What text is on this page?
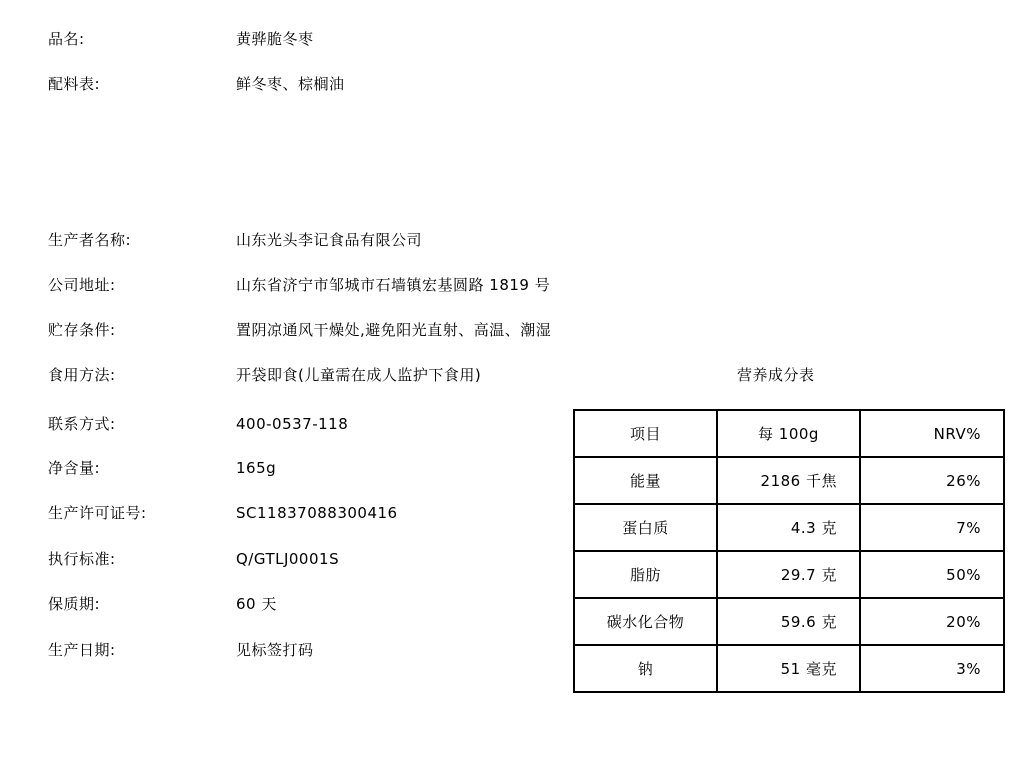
品名:	黄骅脆冬枣
配料表:	鲜冬枣、棕榈油
生产者名称:	山东光头李记食品有限公司
公司地址:	山东省济宁市邹城市石墙镇宏基圆路 1819 号
贮存条件:	置阴凉通风干燥处,避免阳光直射、高温、潮湿
食用方法:	开袋即食(儿童需在成人监护下食用)
联系方式:	400-0537-118
净含量:	165g
生产许可证号:	SC11837088300416
执行标准:	Q/GTLJ0001S
保质期:	60 天
生产日期:	见标签打码
营养成分表
项目	每 100g	NRV%
能量	2186 千焦	26%
蛋白质	4.3 克	7%
脂肪	29.7 克	50%
碳水化合物	59.6 克	20%
钠	51 毫克	3%
